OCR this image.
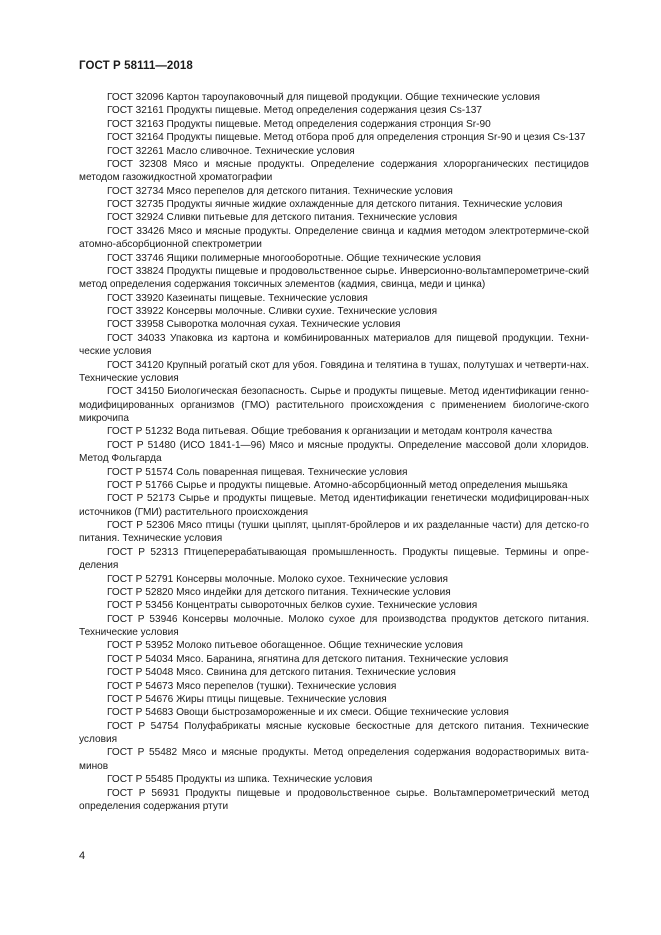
ГОСТ Р 58111—2018

ГОСТ 32096 Картон тароупаковочный для пищевой продукции. Общие технические условия

ГОСТ 32161 Продукты пищевые. Метод определения содержания цезия Cs-137

ГОСТ 32163 Продукты пищевые. Метод определения содержания стронция Sr-90

ГОСТ 32164 Продукты пищевые. Метод отбора проб для определения стронция Sr-90 и цезия Cs-137

ГОСТ 32261 Масло сливочное. Технические условия

ГОСТ 32308 Мясо и мясные продукты. Определение содержания хлорорганических пестицидов методом газожидкостной хроматографии

ГОСТ 32734 Мясо перепелов для детского питания. Технические условия

ГОСТ 32735 Продукты яичные жидкие охлажденные для детского питания. Технические условия

ГОСТ 32924 Сливки питьевые для детского питания. Технические условия

ГОСТ 33426 Мясо и мясные продукты. Определение свинца и кадмия методом электротермиче-ской атомно-абсорбционной спектрометрии

ГОСТ 33746 Ящики полимерные многооборотные. Общие технические условия

ГОСТ 33824 Продукты пищевые и продовольственное сырье. Инверсионно-вольтамперометриче-ский метод определения содержания токсичных элементов (кадмия, свинца, меди и цинка)

ГОСТ 33920 Казеинаты пищевые. Технические условия

ГОСТ 33922 Консервы молочные. Сливки сухие. Технические условия

ГОСТ 33958 Сыворотка молочная сухая. Технические условия

ГОСТ 34033 Упаковка из картона и комбинированных материалов для пищевой продукции. Техни-ческие условия

ГОСТ 34120 Крупный рогатый скот для убоя. Говядина и телятина в тушах, полутушах и четверти-нах. Технические условия

ГОСТ 34150 Биологическая безопасность. Сырье и продукты пищевые. Метод идентификации генно-модифицированных организмов (ГМО) растительного происхождения с применением биологиче-ского микрочипа

ГОСТ Р 51232 Вода питьевая. Общие требования к организации и методам контроля качества

ГОСТ Р 51480 (ИСО 1841-1—96) Мясо и мясные продукты. Определение массовой доли хлоридов. Метод Фольгарда

ГОСТ Р 51574 Соль поваренная пищевая. Технические условия

ГОСТ Р 51766 Сырье и продукты пищевые. Атомно-абсорбционный метод определения мышьяка

ГОСТ Р 52173 Сырье и продукты пищевые. Метод идентификации генетически модифицирован-ных источников (ГМИ) растительного происхождения

ГОСТ Р 52306 Мясо птицы (тушки цыплят, цыплят-бройлеров и их разделанные части) для детско-го питания. Технические условия

ГОСТ Р 52313 Птицеперерабатывающая промышленность. Продукты пищевые. Термины и опре-деления

ГОСТ Р 52791 Консервы молочные. Молоко сухое. Технические условия

ГОСТ Р 52820 Мясо индейки для детского питания. Технические условия

ГОСТ Р 53456 Концентраты сывороточных белков сухие. Технические условия

ГОСТ Р 53946 Консервы молочные. Молоко сухое для производства продуктов детского питания. Технические условия

ГОСТ Р 53952 Молоко питьевое обогащенное. Общие технические условия

ГОСТ Р 54034 Мясо. Баранина, ягнятина для детского питания. Технические условия

ГОСТ Р 54048 Мясо. Свинина для детского питания. Технические условия

ГОСТ Р 54673 Мясо перепелов (тушки). Технические условия

ГОСТ Р 54676 Жиры птицы пищевые. Технические условия

ГОСТ Р 54683 Овощи быстрозамороженные и их смеси. Общие технические условия

ГОСТ Р 54754 Полуфабрикаты мясные кусковые бескостные для детского питания. Технические условия

ГОСТ Р 55482 Мясо и мясные продукты. Метод определения содержания водорастворимых вита-минов

ГОСТ Р 55485 Продукты из шпика. Технические условия

ГОСТ Р 56931 Продукты пищевые и продовольственное сырье. Вольтамперометрический метод определения содержания ртути

4
